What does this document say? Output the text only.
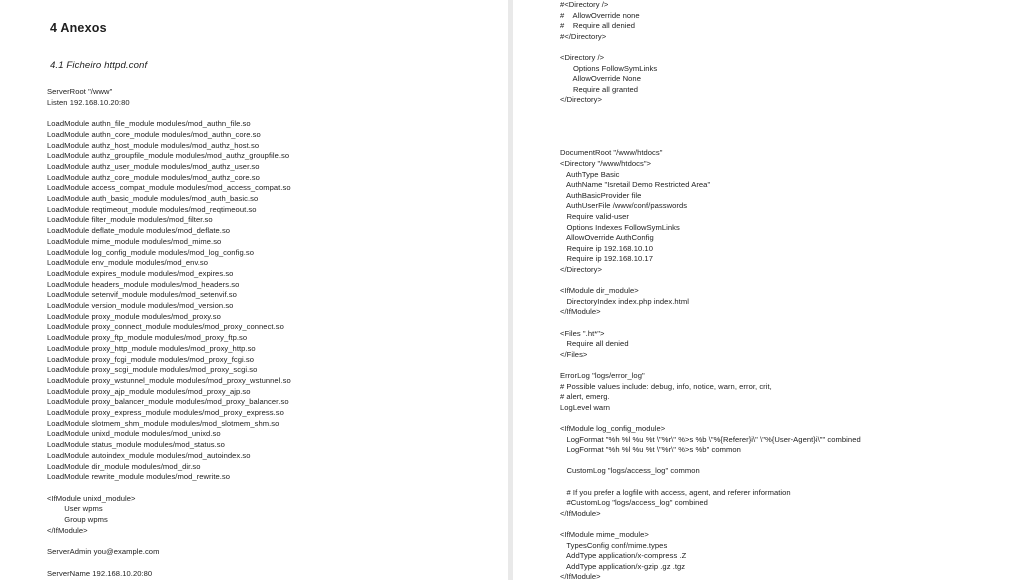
4 Anexos
4.1 Ficheiro httpd.conf
ServerRoot "/www"
Listen 192.168.10.20:80
LoadModule authn_file_module modules/mod_authn_file.so
LoadModule authn_core_module modules/mod_authn_core.so
LoadModule authz_host_module modules/mod_authz_host.so
LoadModule authz_groupfile_module modules/mod_authz_groupfile.so
LoadModule authz_user_module modules/mod_authz_user.so
LoadModule authz_core_module modules/mod_authz_core.so
LoadModule access_compat_module modules/mod_access_compat.so
LoadModule auth_basic_module modules/mod_auth_basic.so
LoadModule reqtimeout_module modules/mod_reqtimeout.so
LoadModule filter_module modules/mod_filter.so
LoadModule deflate_module modules/mod_deflate.so
LoadModule mime_module modules/mod_mime.so
LoadModule log_config_module modules/mod_log_config.so
LoadModule env_module modules/mod_env.so
LoadModule expires_module modules/mod_expires.so
LoadModule headers_module modules/mod_headers.so
LoadModule setenvif_module modules/mod_setenvif.so
LoadModule version_module modules/mod_version.so
LoadModule proxy_module modules/mod_proxy.so
LoadModule proxy_connect_module modules/mod_proxy_connect.so
LoadModule proxy_ftp_module modules/mod_proxy_ftp.so
LoadModule proxy_http_module modules/mod_proxy_http.so
LoadModule proxy_fcgi_module modules/mod_proxy_fcgi.so
LoadModule proxy_scgi_module modules/mod_proxy_scgi.so
LoadModule proxy_wstunnel_module modules/mod_proxy_wstunnel.so
LoadModule proxy_ajp_module modules/mod_proxy_ajp.so
LoadModule proxy_balancer_module modules/mod_proxy_balancer.so
LoadModule proxy_express_module modules/mod_proxy_express.so
LoadModule slotmem_shm_module modules/mod_slotmem_shm.so
LoadModule unixd_module modules/mod_unixd.so
LoadModule status_module modules/mod_status.so
LoadModule autoindex_module modules/mod_autoindex.so
LoadModule dir_module modules/mod_dir.so
LoadModule rewrite_module modules/mod_rewrite.so
<IfModule unixd_module>
User wpms
Group wpms
</IfModule>
ServerAdmin you@example.com
ServerName 192.168.10.20:80
#<Directory />
#    AllowOverride none
#    Require all denied
#</Directory>
<Directory />
Options FollowSymLinks
AllowOverride None
Require all granted
</Directory>
DocumentRoot "/www/htdocs"
<Directory "/www/htdocs">
AuthType Basic
AuthName "Isretail Demo Restricted Area"
AuthBasicProvider file
AuthUserFile /www/conf/passwords
Require valid-user
Options Indexes FollowSymLinks
AllowOverride AuthConfig
Require ip 192.168.10.10
Require ip 192.168.10.17
</Directory>
<IfModule dir_module>
DirectoryIndex index.php index.html
</IfModule>
<Files ".ht*">
Require all denied
</Files>
ErrorLog "logs/error_log"
# Possible values include: debug, info, notice, warn, error, crit,
# alert, emerg.
LogLevel warn
<IfModule log_config_module>
LogFormat "%h %l %u %t \"%r\" %>s %b \"%{Referer}i\" \"%{User-Agent}i\"" combined
LogFormat "%h %l %u %t \"%r\" %>s %b" common
CustomLog "logs/access_log" common
# If you prefer a logfile with access, agent, and referer information
#CustomLog "logs/access_log" combined
</IfModule>
<IfModule mime_module>
TypesConfig conf/mime.types
AddType application/x-compress .Z
AddType application/x-gzip .gz .tgz
</IfModule>
